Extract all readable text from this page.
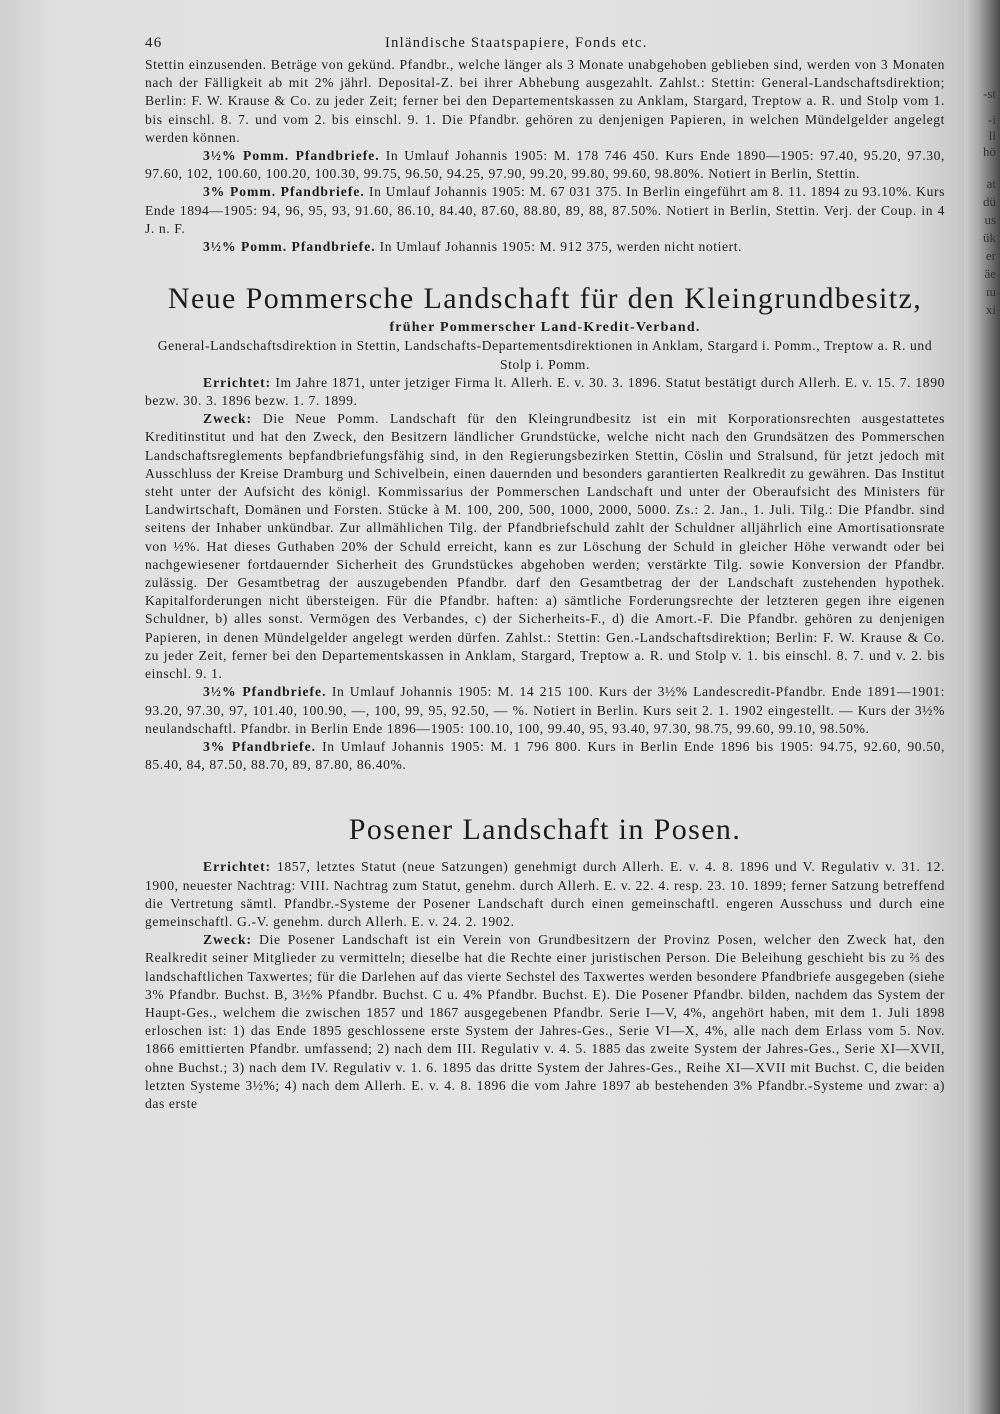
‑st
‑i
ll
hö
at
dü
us
ük
er
äe
ıu
xi
46	Inländische Staatspapiere, Fonds etc.

Stettin einzusenden. Beträge von gekünd. Pfandbr., welche länger als 3 Monate unabgehoben geblieben sind, werden von 3 Monaten nach der Fälligkeit ab mit 2% jährl. Deposital-Z. bei ihrer Abhebung ausgezahlt. Zahlst.: Stettin: General-Landschaftsdirektion; Berlin: F. W. Krause & Co. zu jeder Zeit; ferner bei den Departementskassen zu Anklam, Stargard, Treptow a. R. und Stolp vom 1. bis einschl. 8. 7. und vom 2. bis einschl. 9. 1. Die Pfandbr. gehören zu denjenigen Papieren, in welchen Mündelgelder angelegt werden können.

3½% Pomm. Pfandbriefe. In Umlauf Johannis 1905: M. 178 746 450. Kurs Ende 1890—1905: 97.40, 95.20, 97.30, 97.60, 102, 100.60, 100.20, 100.30, 99.75, 96.50, 94.25, 97.90, 99.20, 99.80, 99.60, 98.80%. Notiert in Berlin, Stettin.

3% Pomm. Pfandbriefe. In Umlauf Johannis 1905: M. 67 031 375. In Berlin eingeführt am 8. 11. 1894 zu 93.10%. Kurs Ende 1894—1905: 94, 96, 95, 93, 91.60, 86.10, 84.40, 87.60, 88.80, 89, 88, 87.50%. Notiert in Berlin, Stettin. Verj. der Coup. in 4 J. n. F.

3½% Pomm. Pfandbriefe. In Umlauf Johannis 1905: M. 912 375, werden nicht notiert.

Neue Pommersche Landschaft für den Kleingrundbesitz,
früher Pommerscher Land-Kredit-Verband.

General-Landschaftsdirektion in Stettin, Landschafts-Departementsdirektionen in Anklam, Stargard i. Pomm., Treptow a. R. und Stolp i. Pomm.

Errichtet: Im Jahre 1871, unter jetziger Firma lt. Allerh. E. v. 30. 3. 1896. Statut bestätigt durch Allerh. E. v. 15. 7. 1890 bezw. 30. 3. 1896 bezw. 1. 7. 1899.

Zweck: Die Neue Pomm. Landschaft für den Kleingrundbesitz ist ein mit Korporationsrechten ausgestattetes Kreditinstitut und hat den Zweck, den Besitzern ländlicher Grundstücke, welche nicht nach den Grundsätzen des Pommerschen Landschaftsreglements bepfandbriefungsfähig sind, in den Regierungsbezirken Stettin, Cöslin und Stralsund, für jetzt jedoch mit Ausschluss der Kreise Dramburg und Schivelbein, einen dauernden und besonders garantierten Realkredit zu gewähren. Das Institut steht unter der Aufsicht des königl. Kommissarius der Pommerschen Landschaft und unter der Oberaufsicht des Ministers für Landwirtschaft, Domänen und Forsten. Stücke à M. 100, 200, 500, 1000, 2000, 5000. Zs.: 2. Jan., 1. Juli. Tilg.: Die Pfandbr. sind seitens der Inhaber unkündbar. Zur allmählichen Tilg. der Pfandbriefschuld zahlt der Schuldner alljährlich eine Amortisationsrate von ½%. Hat dieses Guthaben 20% der Schuld erreicht, kann es zur Löschung der Schuld in gleicher Höhe verwandt oder bei nachgewiesener fortdauernder Sicherheit des Grundstückes abgehoben werden; verstärkte Tilg. sowie Konversion der Pfandbr. zulässig. Der Gesamtbetrag der auszugebenden Pfandbr. darf den Gesamtbetrag der der Landschaft zustehenden hypothek. Kapitalforderungen nicht übersteigen. Für die Pfandbr. haften: a) sämtliche Forderungsrechte der letzteren gegen ihre eigenen Schuldner, b) alles sonst. Vermögen des Verbandes, c) der Sicherheits-F., d) die Amort.-F. Die Pfandbr. gehören zu denjenigen Papieren, in denen Mündelgelder angelegt werden dürfen. Zahlst.: Stettin: Gen.-Landschaftsdirektion; Berlin: F. W. Krause & Co. zu jeder Zeit, ferner bei den Departementskassen in Anklam, Stargard, Treptow a. R. und Stolp v. 1. bis einschl. 8. 7. und v. 2. bis einschl. 9. 1.

3½% Pfandbriefe. In Umlauf Johannis 1905: M. 14 215 100. Kurs der 3½% Landescredit-Pfandbr. Ende 1891—1901: 93.20, 97.30, 97, 101.40, 100.90, —, 100, 99, 95, 92.50, — %. Notiert in Berlin. Kurs seit 2. 1. 1902 eingestellt. — Kurs der 3½% neulandschaftl. Pfandbr. in Berlin Ende 1896—1905: 100.10, 100, 99.40, 95, 93.40, 97.30, 98.75, 99.60, 99.10, 98.50%.

3% Pfandbriefe. In Umlauf Johannis 1905: M. 1 796 800. Kurs in Berlin Ende 1896 bis 1905: 94.75, 92.60, 90.50, 85.40, 84, 87.50, 88.70, 89, 87.80, 86.40%.

Posener Landschaft in Posen.

Errichtet: 1857, letztes Statut (neue Satzungen) genehmigt durch Allerh. E. v. 4. 8. 1896 und V. Regulativ v. 31. 12. 1900, neuester Nachtrag: VIII. Nachtrag zum Statut, genehm. durch Allerh. E. v. 22. 4. resp. 23. 10. 1899; ferner Satzung betreffend die Vertretung sämtl. Pfandbr.-Systeme der Posener Landschaft durch einen gemeinschaftl. engeren Ausschuss und durch eine gemeinschaftl. G.-V. genehm. durch Allerh. E. v. 24. 2. 1902.

Zweck: Die Posener Landschaft ist ein Verein von Grundbesitzern der Provinz Posen, welcher den Zweck hat, den Realkredit seiner Mitglieder zu vermitteln; dieselbe hat die Rechte einer juristischen Person. Die Beleihung geschieht bis zu ⅔ des landschaftlichen Taxwertes; für die Darlehen auf das vierte Sechstel des Taxwertes werden besondere Pfandbriefe ausgegeben (siehe 3% Pfandbr. Buchst. B, 3½% Pfandbr. Buchst. C u. 4% Pfandbr. Buchst. E). Die Posener Pfandbr. bilden, nachdem das System der Haupt-Ges., welchem die zwischen 1857 und 1867 ausgegebenen Pfandbr. Serie I—V, 4%, angehört haben, mit dem 1. Juli 1898 erloschen ist: 1) das Ende 1895 geschlossene erste System der Jahres-Ges., Serie VI—X, 4%, alle nach dem Erlass vom 5. Nov. 1866 emittierten Pfandbr. umfassend; 2) nach dem III. Regulativ v. 4. 5. 1885 das zweite System der Jahres-Ges., Serie XI—XVII, ohne Buchst.; 3) nach dem IV. Regulativ v. 1. 6. 1895 das dritte System der Jahres-Ges., Reihe XI—XVII mit Buchst. C, die beiden letzten Systeme 3½%; 4) nach dem Allerh. E. v. 4. 8. 1896 die vom Jahre 1897 ab bestehenden 3% Pfandbr.-Systeme und zwar: a) das erste
